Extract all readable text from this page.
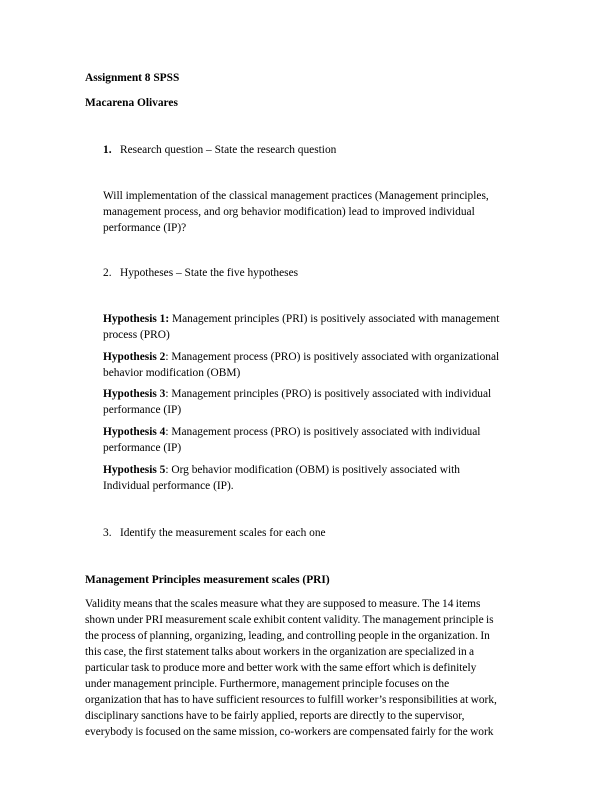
Assignment 8 SPSS

Macarena Olivares

1. Research question – State the research question

Will implementation of the classical management practices (Management principles,

management process, and org behavior modification) lead to improved individual

performance (IP)?

2. Hypotheses – State the five hypotheses

Hypothesis 1: Management principles (PRI) is positively associated with management

process (PRO)

Hypothesis 2: Management process (PRO) is positively associated with organizational

behavior modification (OBM)

Hypothesis 3: Management principles (PRO) is positively associated with individual

performance (IP)

Hypothesis 4: Management process (PRO) is positively associated with individual

performance (IP)

Hypothesis 5: Org behavior modification (OBM) is positively associated with

Individual performance (IP).

3. Identify the measurement scales for each one

Management Principles measurement scales (PRI)

Validity means that the scales measure what they are supposed to measure. The 14 items

shown under PRI measurement scale exhibit content validity. The management principle is

the process of planning, organizing, leading, and controlling people in the organization. In

this case, the first statement talks about workers in the organization are specialized in a

particular task to produce more and better work with the same effort which is definitely

under management principle. Furthermore, management principle focuses on the

organization that has to have sufficient resources to fulfill worker’s responsibilities at work,

disciplinary sanctions have to be fairly applied, reports are directly to the supervisor,

everybody is focused on the same mission, co-workers are compensated fairly for the work
